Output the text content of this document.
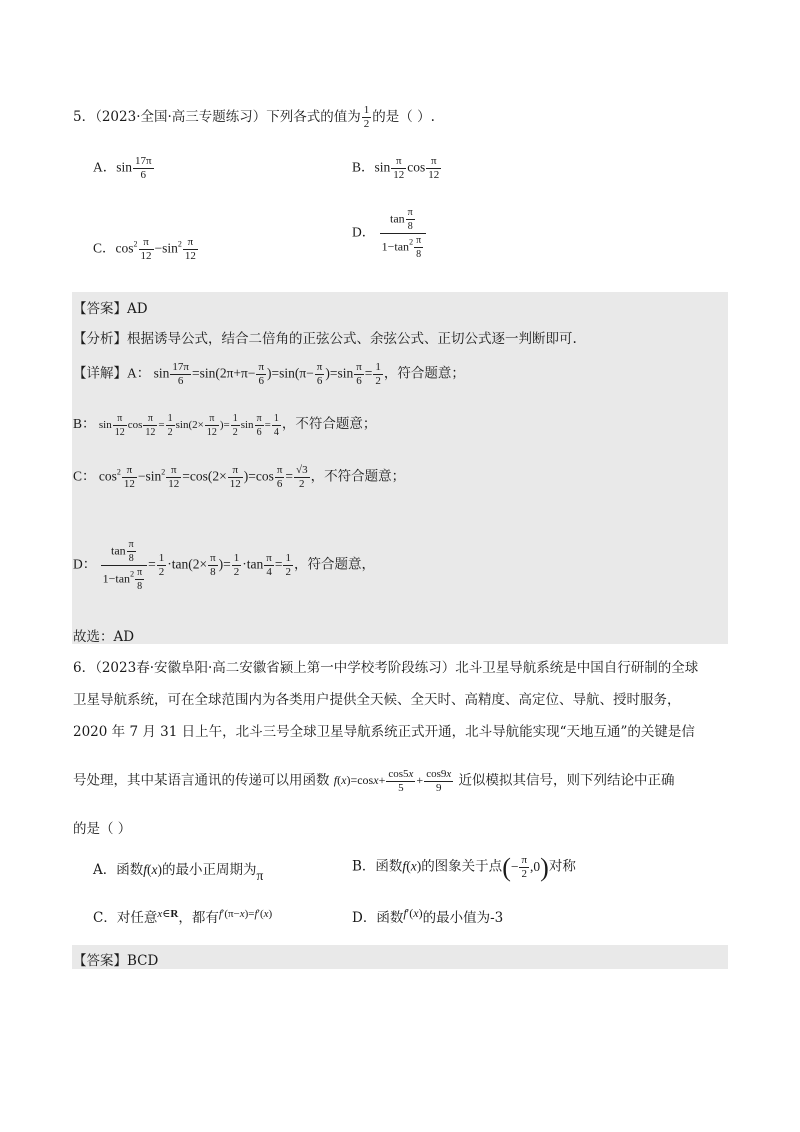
5．（2023·全国·高三专题练习）下列各式的值为 $\frac{1}{2}$ 的是（ ）.
A．$\sin \frac{17\pi}{6}$	B．$\sin \frac{\pi}{12}$ $\cos \frac{\pi}{12}$
C．$\cos^2 \frac{\pi}{12} -\sin^2 \frac{\pi}{12}$
D． $\frac{\tan \frac{\pi}{8}}{1-\tan^2 \frac{\pi}{8}}$
【答案】AD
【分析】根据诱导公式，结合二倍角的正弦公式、余弦公式、正切公式逐一判断即可.
【详解】A： $\sin \frac{17\pi}{6} =\sin(2\pi+\pi- \frac{\pi}{6} )=\sin(\pi- \frac{\pi}{6} )=\sin \frac{\pi}{6} = \frac{1}{2}$ ，符合题意；
B： $\sin \frac{\pi}{12}$ $\cos \frac{\pi}{12} = \frac{1}{2} \sin(2\times \frac{\pi}{12}$ )= $\frac{1}{2}$ $\sin \frac{\pi}{6} = \frac{1}{4}$ ，不符合题意；
C： $\cos^2 \frac{\pi}{12} -\sin^2 \frac{\pi}{12} =\cos(2\times \frac{\pi}{12} )=\cos \frac{\pi}{6} = \frac{√3}{2}$ ，不符合题意；
D： $\frac{\tan \frac{\pi}{8}}{1-\tan^2 \frac{\pi}{8}} = \frac{1}{2} \cdot\tan(2\times \frac{\pi}{8}$ )= $\frac{1}{2} \cdot\tan \frac{\pi}{4} = \frac{1}{2}$ ，符合题意，
故选：AD
6．（2023春·安徽阜阳·高二安徽省颍上第一中学校考阶段练习）北斗卫星导航系统是中国自行研制的全球
卫星导航系统，可在全球范围内为各类用户提供全天候、全天时、高精度、高定位、导航、授时服务，
2020 年 7 月 31 日上午，北斗三号全球卫星导航系统正式开通，北斗导航能实现“天地互通”的关键是信
号处理，其中某语言通讯的传递可以用函数 $f(x)=\cos x+ \frac{\cos 5x}{5} + \frac{\cos 9x}{9}$ 近似模拟其信号，则下列结论中正确
的是（ ）
A．函数f(x)的最小正周期为π
B．函数f(x)的图象关于点(− $\frac{\pi}{2} ,0$)对称
C．对任意$^{x\in R}$，都有$^{f'(\pi-x)=f'(x)}$	D．函数f′(x)的最小值为-3
【答案】BCD
